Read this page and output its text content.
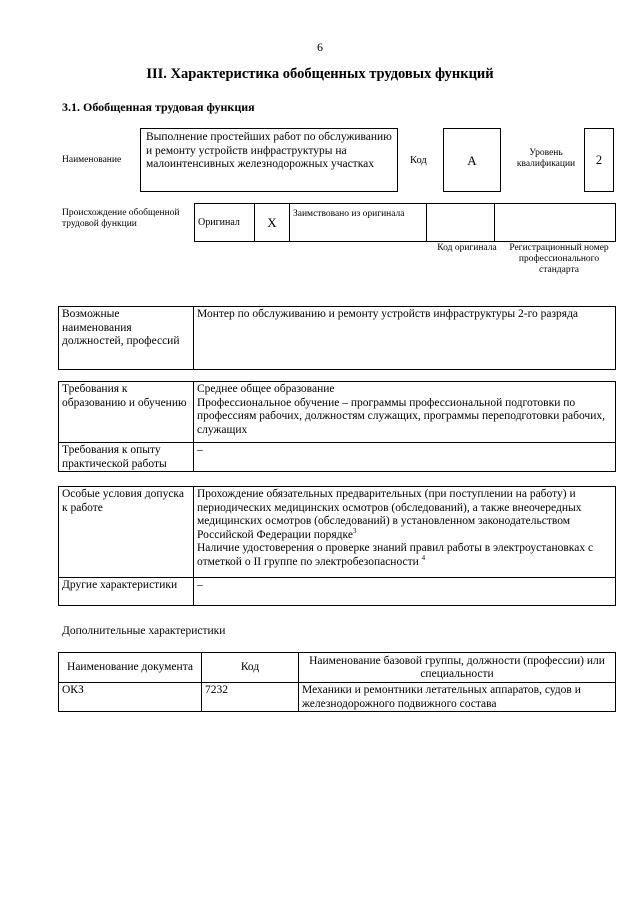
6
III. Характеристика обобщенных трудовых функций
3.1. Обобщенная трудовая функция
Наименование
Выполнение простейших работ по обслуживанию и ремонту устройств инфраструктуры на малоинтенсивных железнодорожных участках	Код	A	Уровень квалификации	2
Происхождение обобщенной трудовой функции	Оригинал	X	Заимствовано из оригинала		
Код оригинала	Регистрационный номер профессионального стандарта
Возможные наименования должностей, профессий	Монтер по обслуживанию и ремонту устройств инфраструктуры 2-го разряда
Требования к образованию и обучению	Среднее общее образование
Профессиональное обучение – программы профессиональной подготовки по профессиям рабочих, должностям служащих, программы переподготовки рабочих, служащих

Требования к опыту практической работы	–
Особые условия допуска к работе	Прохождение обязательных предварительных (при поступлении на работу) и периодических медицинских осмотров (обследований), а также внеочередных медицинских осмотров (обследований) в установленном законодательством Российской Федерации порядке$^3$
Наличие удостоверения о проверке знаний правил работы в электроустановках с отметкой о II группе по электробезопасности $^4$

Другие характеристики	–
Дополнительные характеристики
Наименование документа	Код	Наименование базовой группы, должности (профессии) или специальности
ОКЗ	7232	Механики и ремонтники летательных аппаратов, судов и железнодорожного подвижного состава
